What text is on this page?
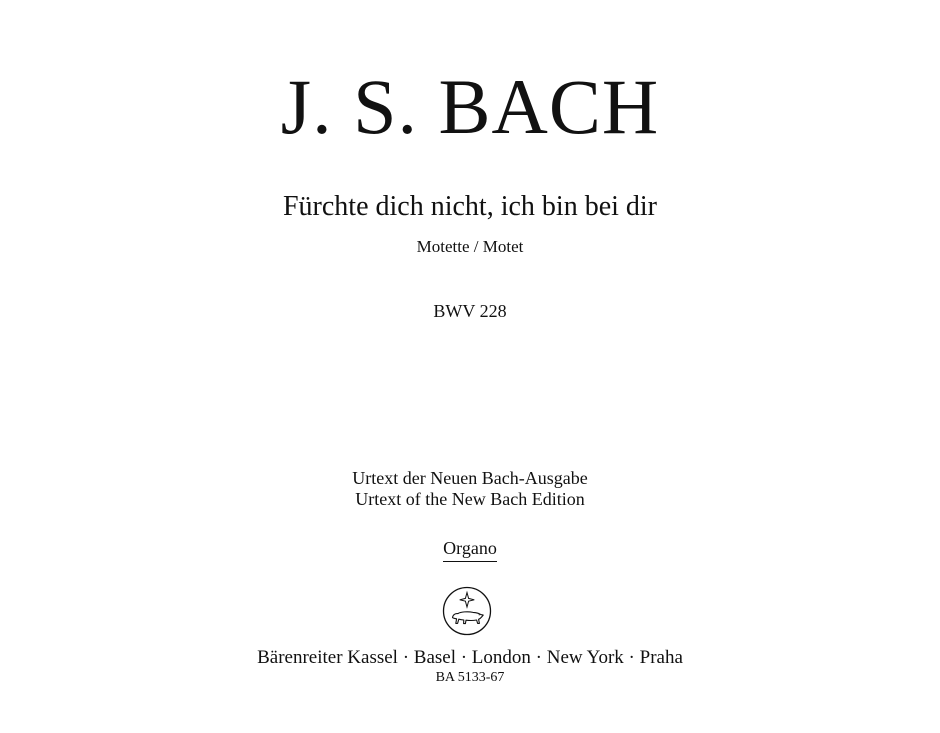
J. S. BACH
Fürchte dich nicht, ich bin bei dir
Motette / Motet
BWV 228
Urtext der Neuen Bach-Ausgabe
Urtext of the New Bach Edition
Organo
Bärenreiter Kassel · Basel · London · New York · Praha
BA 5133-67
